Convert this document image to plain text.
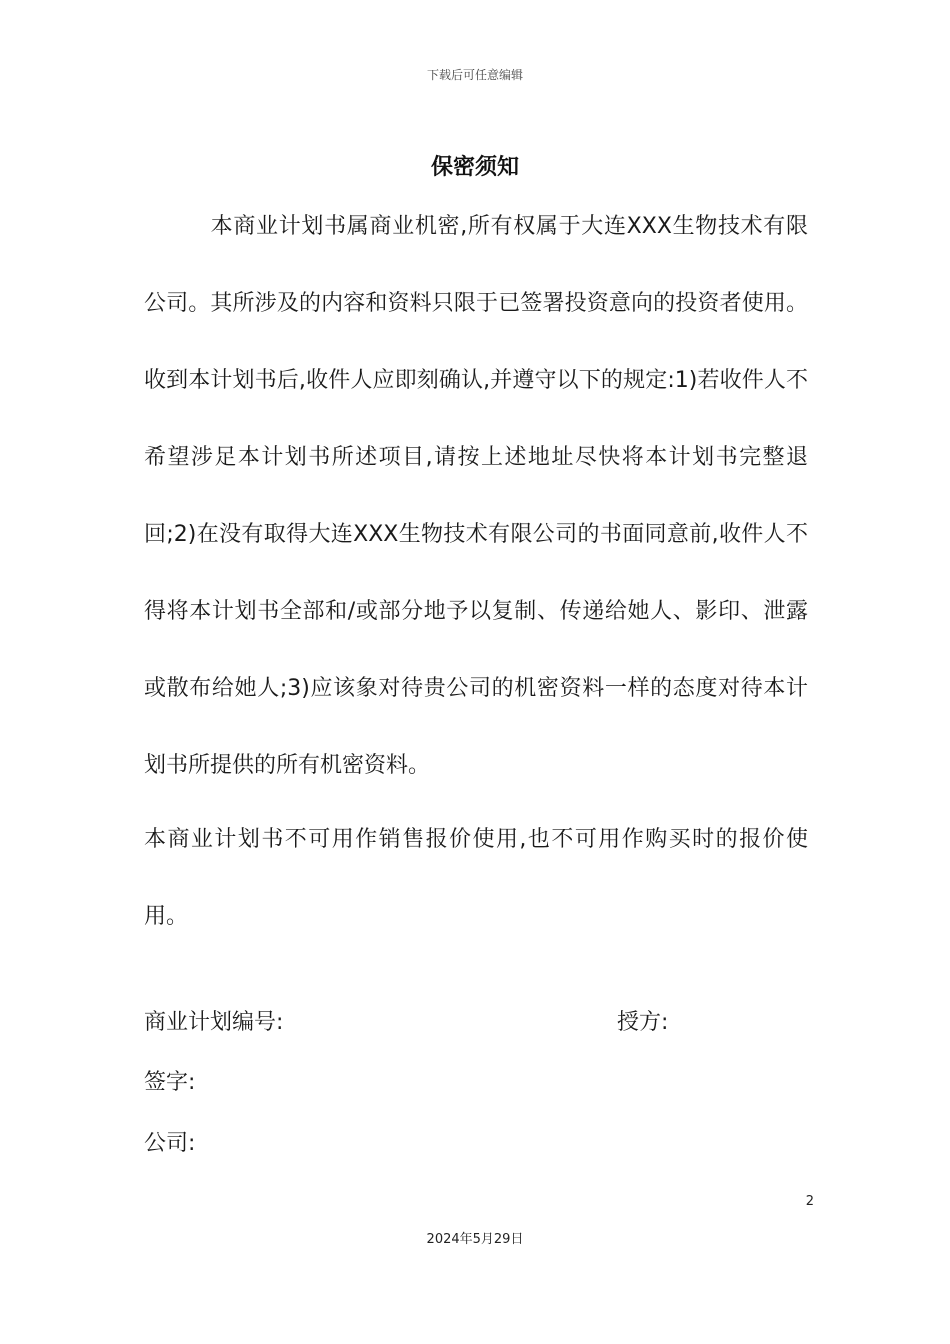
下载后可任意编辑
保密须知

本商业计划书属商业机密,所有权属于大连XXX生物技术有限公司。其所涉及的内容和资料只限于已签署投资意向的投资者使用。收到本计划书后,收件人应即刻确认,并遵守以下的规定:1)若收件人不希望涉足本计划书所述项目,请按上述地址尽快将本计划书完整退回;2)在没有取得大连XXX生物技术有限公司的书面同意前,收件人不得将本计划书全部和/或部分地予以复制、传递给她人、影印、泄露或散布给她人;3)应该象对待贵公司的机密资料一样的态度对待本计划书所提供的所有机密资料。

本商业计划书不可用作销售报价使用,也不可用作购买时的报价使用。

商业计划编号:	授方:
签字:
公司:
2
2024年5月29日
